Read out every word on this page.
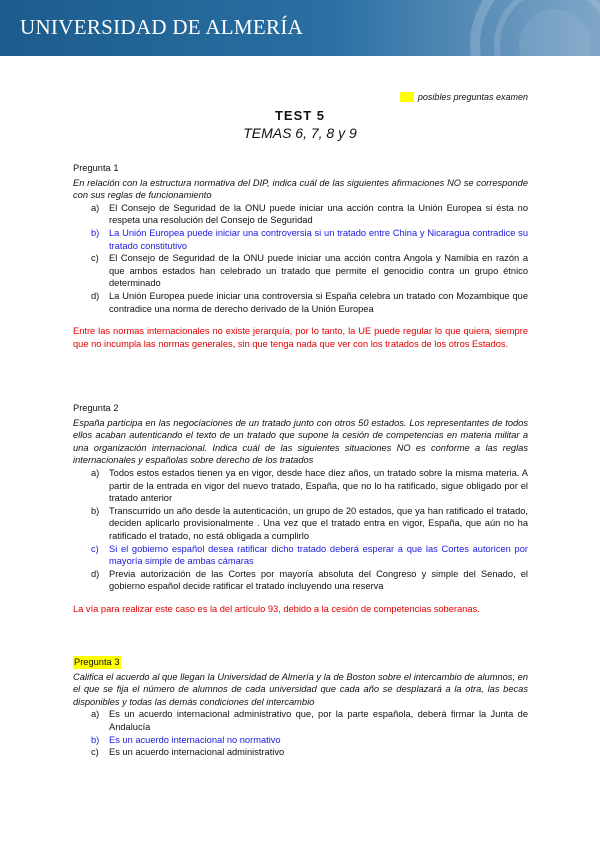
UNIVERSIDAD DE ALMERÍA
posibles preguntas examen
TEST 5
TEMAS 6, 7, 8 y 9
Pregunta 1
En relación con la estructura normativa del DIP, indica cuál de las siguientes afirmaciones NO se corresponde con sus reglas de funcionamiento
a)	El Consejo de Seguridad de la ONU puede iniciar una acción contra la Unión Europea si ésta no respeta una resolución del Consejo de Seguridad
b)	La Unión Europea puede iniciar una controversia si un tratado entre China y Nicaragua contradice su tratado constitutivo
c)	El Consejo de Seguridad de la ONU puede iniciar una acción contra Angola y Namibia en razón a que ambos estados han celebrado un tratado que permite el genocidio contra un grupo étnico determinado
d)	La Unión Europea puede iniciar una controversia si España celebra un tratado con Mozambique que contradice una norma de derecho derivado de la Unión Europea
Entre las normas internacionales no existe jerarquía, por lo tanto, la UE puede regular lo que quiera, siempre que no incumpla las normas generales, sin que tenga nada que ver con los tratados de los otros Estados.
Pregunta 2
España participa en las negociaciones de un tratado junto con otros 50 estados. Los representantes de todos ellos acaban autenticando el texto de un tratado que supone la cesión de competencias en materia militar a una organización internacional. Indica cuál de las siguientes situaciones NO es conforme a las reglas internacionales y españolas sobre derecho de los tratados
a)	Todos estos estados tienen ya en vigor, desde hace diez años, un tratado sobre la misma materia. A partir de la entrada en vigor del nuevo tratado, España, que no lo ha ratificado, sigue obligado por el tratado anterior
b)	Transcurrido un año desde la autenticación, un grupo de 20 estados, que ya han ratificado el tratado, deciden aplicarlo provisionalmente . Una vez que el tratado entra en vigor, España, que aún no ha ratificado el tratado, no está obligada a cumplirlo
c)	Si el gobierno español desea ratificar dicho tratado deberá esperar a que las Cortes autoricen por mayoría simple de ambas cámaras
d)	Previa autorización de las Cortes por mayoría absoluta del Congreso y simple del Senado, el gobierno español decide ratificar el tratado incluyendo una reserva
La vía para realizar este caso es la del artículo 93, debido a la cesión de competencias soberanas.
Pregunta 3
Califica el acuerdo al que llegan la Universidad de Almería y la de Boston sobre el intercambio de alumnos, en el que se fija el número de alumnos de cada universidad que cada año se desplazará a la otra, las becas disponibles y todas las demás condiciones del intercambio
a)	Es un acuerdo internacional administrativo que, por la parte española, deberá firmar la Junta de Andalucía
b)	Es un acuerdo internacional no normativo
c)	Es un acuerdo internacional administrativo
